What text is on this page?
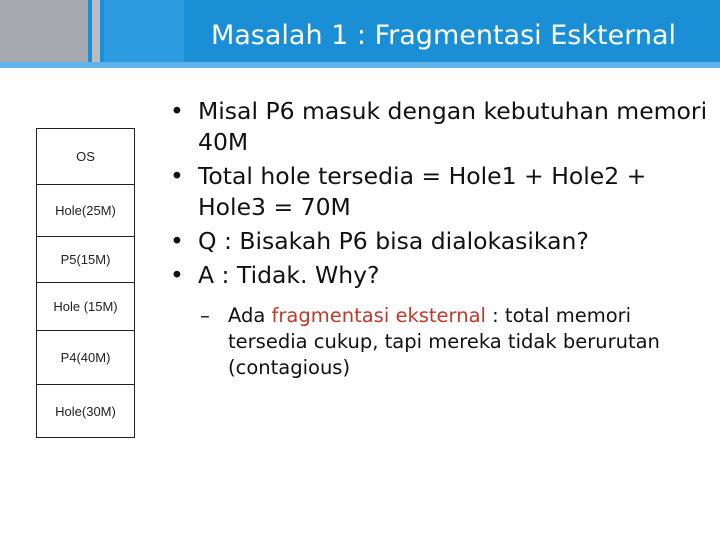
Masalah 1 : Fragmentasi Eskternal
OS
Hole(25M)
P5(15M)
Hole (15M)
P4(40M)
Hole(30M)
• Misal P6 masuk dengan kebutuhan memori 40M
• Total hole tersedia = Hole1 + Hole2 + Hole3 = 70M
• Q : Bisakah P6 bisa dialokasikan?
• A : Tidak. Why?
– Ada fragmentasi eksternal : total memori tersedia cukup, tapi mereka tidak berurutan (contagious)
